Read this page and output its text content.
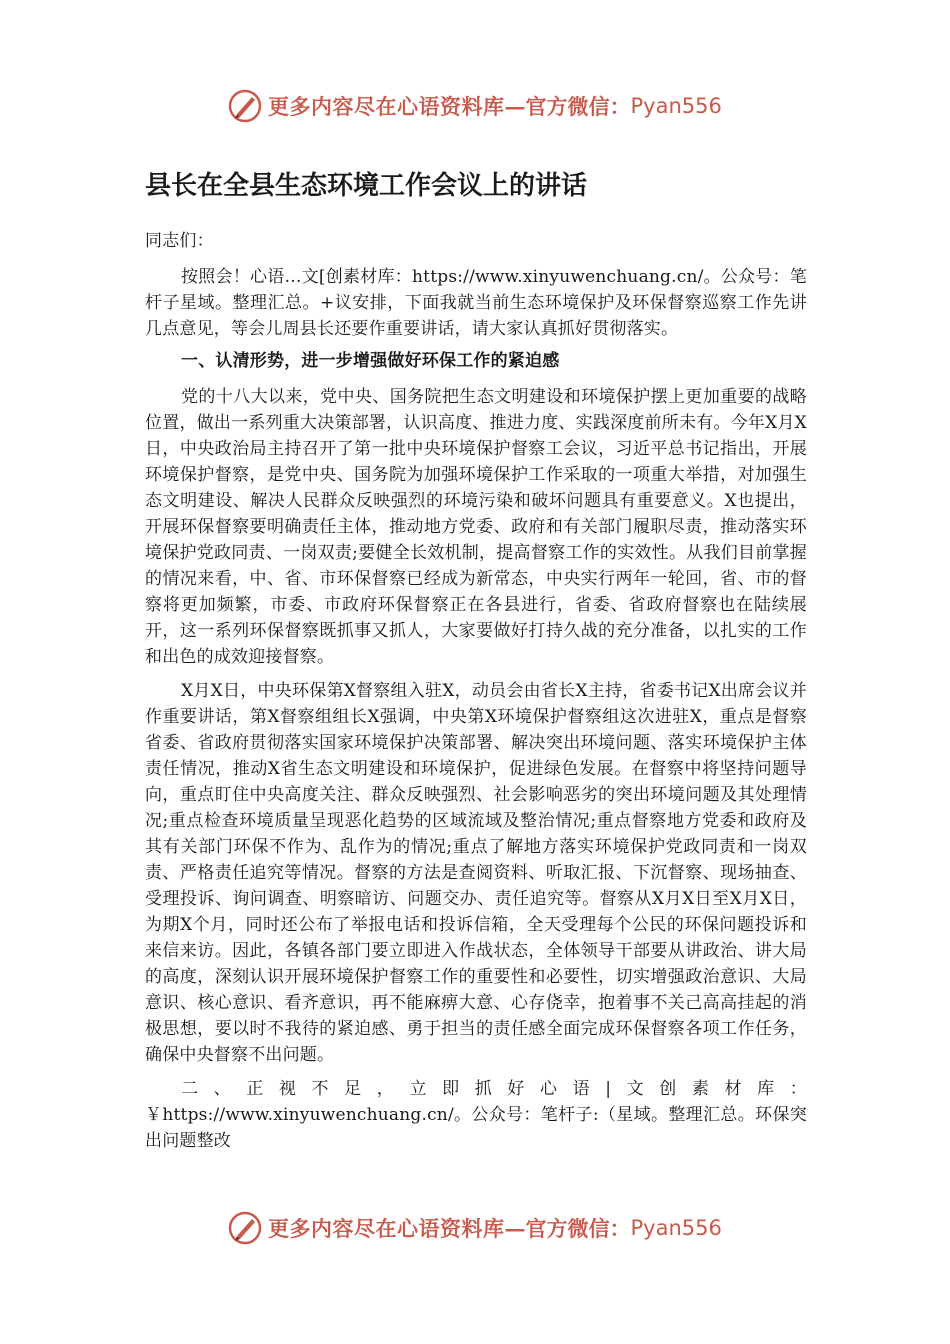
更多内容尽在心语资料库 —官方微信： Pyan556
县长在全县生态环境工作会议上的讲话

同志们：

按照会！心语…文[创素材库：https://www.xinyuwenchuang.cn/。公众号：笔杆子星域。整理汇总。+议安排，下面我就当前生态环境保护及环保督察巡察工作先讲几点意见，等会儿周县长还要作重要讲话，请大家认真抓好贯彻落实。

一、认清形势，进一步增强做好环保工作的紧迫感

党的十八大以来，党中央、国务院把生态文明建设和环境保护摆上更加重要的战略位置，做出一系列重大决策部署，认识高度、推进力度、实践深度前所未有。今年X月X日，中央政治局主持召开了第一批中央环境保护督察工会议，习近平总书记指出，开展环境保护督察，是党中央、国务院为加强环境保护工作采取的一项重大举措，对加强生态文明建设、解决人民群众反映强烈的环境污染和破坏问题具有重要意义。X也提出，开展环保督察要明确责任主体，推动地方党委、政府和有关部门履职尽责，推动落实环境保护党政同责、一岗双责;要健全长效机制，提高督察工作的实效性。从我们目前掌握的情况来看，中、省、市环保督察已经成为新常态，中央实行两年一轮回，省、市的督察将更加频繁，市委、市政府环保督察正在各县进行，省委、省政府督察也在陆续展开，这一系列环保督察既抓事又抓人，大家要做好打持久战的充分准备，以扎实的工作和出色的成效迎接督察。

X月X日，中央环保第X督察组入驻X，动员会由省长X主持，省委书记X出席会议并作重要讲话，第X督察组组长X强调，中央第X环境保护督察组这次进驻X，重点是督察省委、省政府贯彻落实国家环境保护决策部署、解决突出环境问题、落实环境保护主体责任情况，推动X省生态文明建设和环境保护，促进绿色发展。在督察中将坚持问题导向，重点盯住中央高度关注、群众反映强烈、社会影响恶劣的突出环境问题及其处理情况;重点检查环境质量呈现恶化趋势的区域流域及整治情况;重点督察地方党委和政府及其有关部门环保不作为、乱作为的情况;重点了解地方落实环境保护党政同责和一岗双责、严格责任追究等情况。督察的方法是查阅资料、听取汇报、下沉督察、现场抽查、受理投诉、询问调查、明察暗访、问题交办、责任追究等。督察从X月X日至X月X日，为期X个月，同时还公布了举报电话和投诉信箱，全天受理每个公民的环保问题投诉和来信来访。因此，各镇各部门要立即进入作战状态，全体领导干部要从讲政治、讲大局的高度，深刻认识开展环境保护督察工作的重要性和必要性，切实增强政治意识、大局意识、核心意识、看齐意识，再不能麻痹大意、心存侥幸，抱着事不关己高高挂起的消极思想，要以时不我待的紧迫感、勇于担当的责任感全面完成环保督察各项工作任务，确保中央督察不出问题。

二、正视不足，立即抓好心语|文创素材库：￥https://www.xinyuwenchuang.cn/。公众号：笔杆子:（星域。整理汇总。环保突出问题整改

更多内容尽在心语资料库 —官方微信： Pyan556
